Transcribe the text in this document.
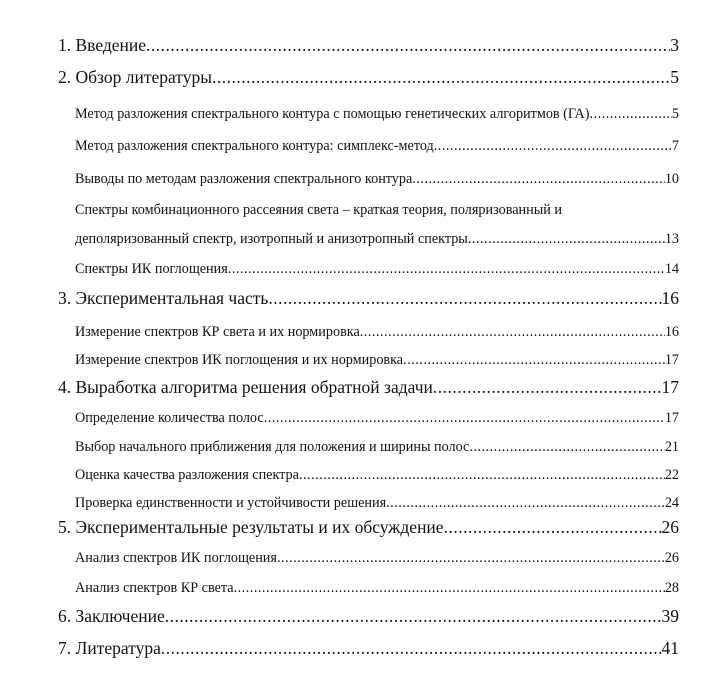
1. Введение .....	3
2. Обзор литературы .....	5
Метод разложения спектрального контура с помощью генетических алгоритмов (ГА) .....	5
Метод разложения спектрального контура: симплекс-метод .....	7
Выводы по методам разложения спектрального контура .....	10
Спектры комбинационного рассеяния света – краткая теория, поляризованный и
деполяризованный спектр, изотропный и анизотропный спектры .....	13
Спектры ИК поглощения .....	14
3. Экспериментальная часть .....	16
Измерение спектров КР света и их нормировка .....	16
Измерение спектров ИК поглощения и их нормировка .....	17
4. Выработка алгоритма решения обратной задачи .....	17
Определение количества полос .....	17
Выбор начального приближения для положения и ширины полос .....	21
Оценка качества разложения спектра .....	22
Проверка единственности и устойчивости решения .....	24
5. Экспериментальные результаты и их обсуждение .....	26
Анализ спектров ИК поглощения .....	26
Анализ спектров КР света .....	28
6. Заключение .....	39
7. Литература .....	41
